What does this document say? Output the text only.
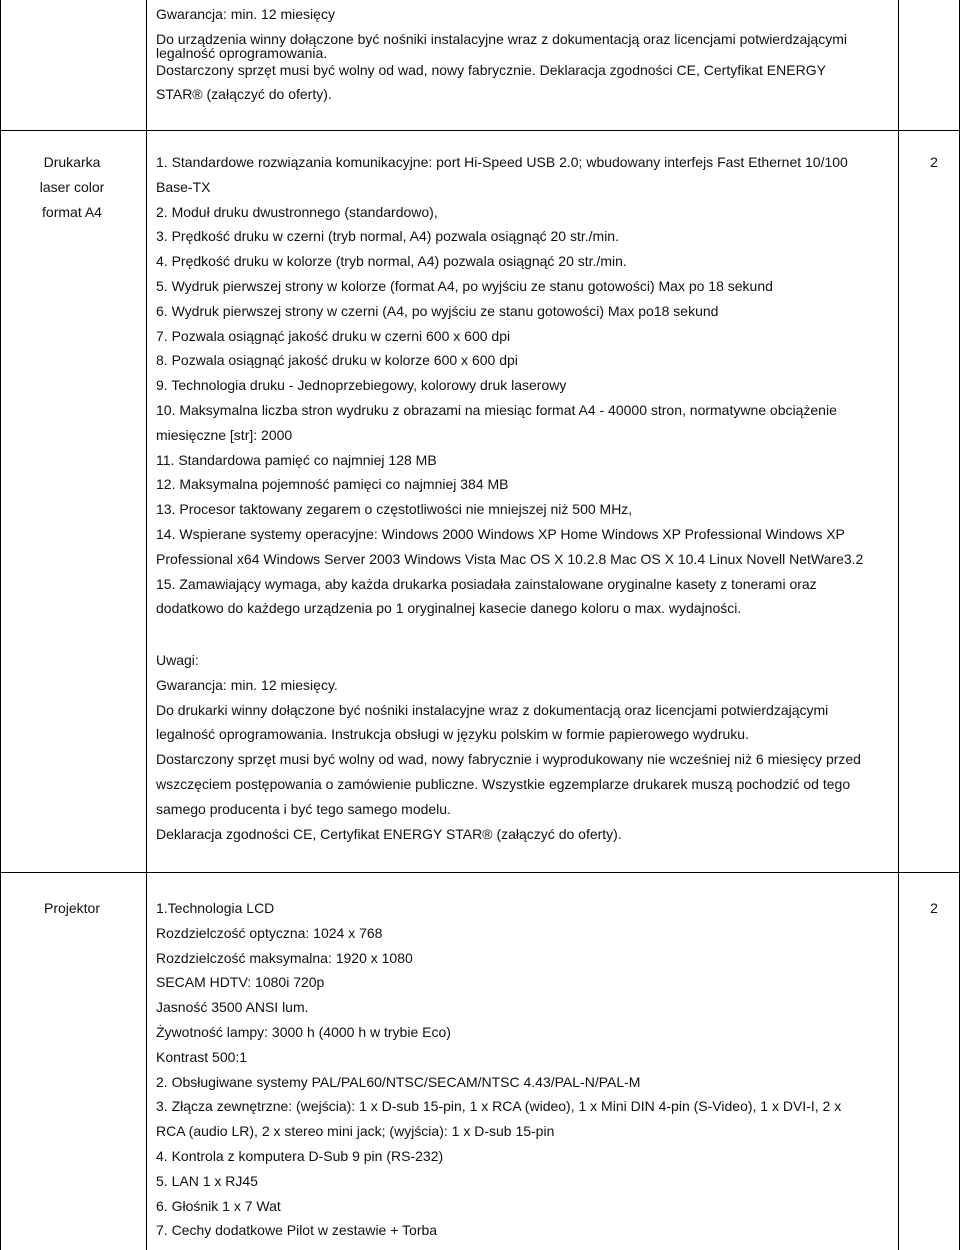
Gwarancja: min. 12 miesięcy
Do urządzenia winny dołączone być nośniki instalacyjne wraz z dokumentacją oraz licencjami potwierdzającymi
legalność oprogramowania.
Dostarczony sprzęt musi być wolny od wad, nowy fabrycznie. Deklaracja zgodności CE, Certyfikat ENERGY
STAR® (załączyć do oferty).
Drukarka
laser color
format A4
1. Standardowe rozwiązania komunikacyjne: port Hi-Speed USB 2.0; wbudowany interfejs Fast Ethernet 10/100
Base-TX
2. Moduł druku dwustronnego (standardowo),
3. Prędkość druku w czerni (tryb normal, A4) pozwala osiągnąć 20 str./min.
4. Prędkość druku w kolorze (tryb normal, A4) pozwala osiągnąć 20 str./min.
5. Wydruk pierwszej strony w kolorze (format A4, po wyjściu ze stanu gotowości) Max po 18 sekund
6. Wydruk pierwszej strony w czerni (A4, po wyjściu ze stanu gotowości) Max po18 sekund
7. Pozwala osiągnąć jakość druku w czerni 600 x 600 dpi
8. Pozwala osiągnąć jakość druku w kolorze 600 x 600 dpi
9. Technologia druku - Jednoprzebiegowy, kolorowy druk laserowy
10. Maksymalna liczba stron wydruku z obrazami na miesiąc format A4 - 40000 stron, normatywne obciążenie
miesięczne [str]: 2000
11. Standardowa pamięć co najmniej 128 MB
12. Maksymalna pojemność pamięci co najmniej 384 MB
13. Procesor taktowany zegarem o częstotliwości nie mniejszej niż 500 MHz,
14. Wspierane systemy operacyjne: Windows 2000 Windows XP Home Windows XP Professional Windows XP
Professional x64 Windows Server 2003 Windows Vista Mac OS X 10.2.8 Mac OS X 10.4 Linux Novell NetWare3.2
15. Zamawiający wymaga, aby każda drukarka posiadała zainstalowane oryginalne kasety z tonerami oraz
dodatkowo do każdego urządzenia po 1 oryginalnej kasecie danego koloru o max. wydajności.
2
Uwagi:
Gwarancja: min. 12 miesięcy.
Do drukarki winny dołączone być nośniki instalacyjne wraz z dokumentacją oraz licencjami potwierdzającymi
legalność oprogramowania. Instrukcja obsługi w języku polskim w formie papierowego wydruku.
Dostarczony sprzęt musi być wolny od wad, nowy fabrycznie i wyprodukowany nie wcześniej niż 6 miesięcy przed
wszczęciem postępowania o zamówienie publiczne. Wszystkie egzemplarze drukarek muszą pochodzić od tego
samego producenta i być tego samego modelu.
Deklaracja zgodności CE, Certyfikat ENERGY STAR® (załączyć do oferty).
Projektor	1.Technologia LCD
Rozdzielczość optyczna: 1024 x 768
Rozdzielczość maksymalna: 1920 x 1080
SECAM HDTV: 1080i 720p
Jasność 3500 ANSI lum.
Żywotność lampy: 3000 h (4000 h w trybie Eco)
Kontrast 500:1
2. Obsługiwane systemy PAL/PAL60/NTSC/SECAM/NTSC 4.43/PAL-N/PAL-M
3. Złącza zewnętrzne: (wejścia): 1 x D-sub 15-pin, 1 x RCA (wideo), 1 x Mini DIN 4-pin (S-Video), 1 x DVI-I, 2 x
RCA (audio LR), 2 x stereo mini jack; (wyjścia): 1 x D-sub 15-pin
4. Kontrola z komputera D-Sub 9 pin (RS-232)
5. LAN 1 x RJ45
6. Głośnik 1 x 7 Wat
7. Cechy dodatkowe Pilot w zestawie + Torba
2
